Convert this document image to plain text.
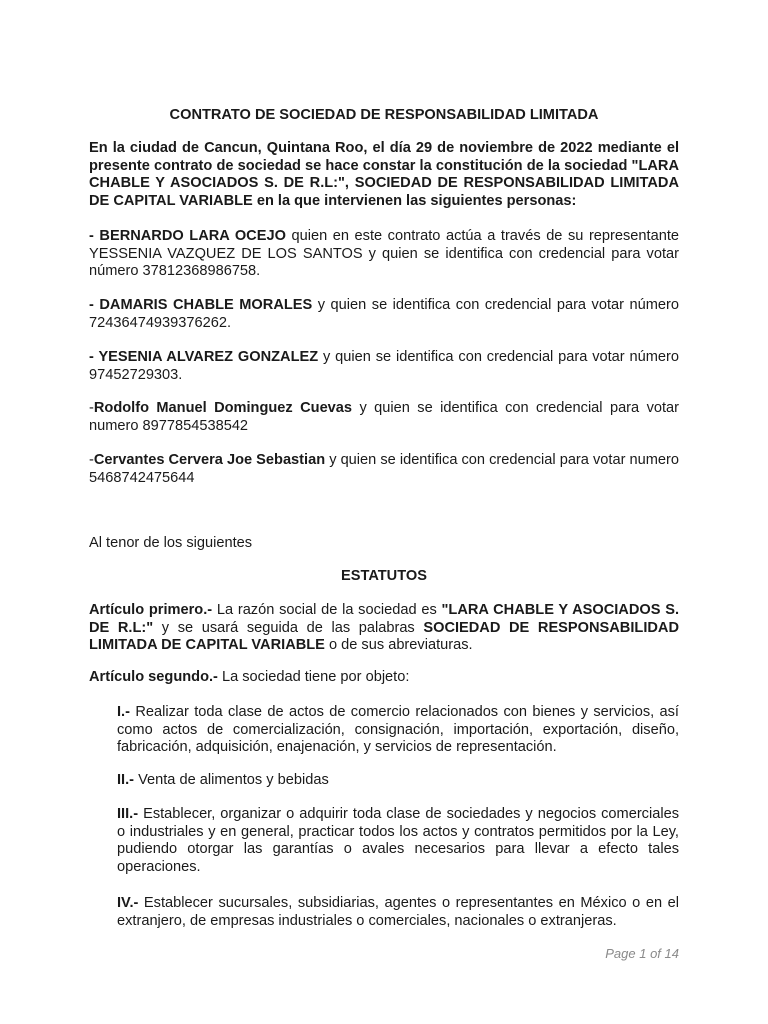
CONTRATO DE SOCIEDAD DE RESPONSABILIDAD LIMITADA

En la ciudad de Cancun, Quintana Roo, el día 29 de noviembre de 2022 mediante el presente contrato de sociedad se hace constar la constitución de la sociedad "LARA CHABLE Y ASOCIADOS S. DE R.L:", SOCIEDAD DE RESPONSABILIDAD LIMITADA DE CAPITAL VARIABLE en la que intervienen las siguientes personas:

- BERNARDO LARA OCEJO quien en este contrato actúa a través de su representante YESSENIA VAZQUEZ DE LOS SANTOS y quien se identifica con credencial para votar número 37812368986758.

- DAMARIS CHABLE MORALES y quien se identifica con credencial para votar número 72436474939376262.

- YESENIA ALVAREZ GONZALEZ y quien se identifica con credencial para votar número 97452729303.

-Rodolfo Manuel Dominguez Cuevas y quien se identifica con credencial para votar numero 8977854538542

-Cervantes Cervera Joe Sebastian y quien se identifica con credencial para votar numero 5468742475644

Al tenor de los siguientes

ESTATUTOS

Artículo primero.- La razón social de la sociedad es "LARA CHABLE Y ASOCIADOS S. DE R.L:" y se usará seguida de las palabras SOCIEDAD DE RESPONSABILIDAD LIMITADA DE CAPITAL VARIABLE o de sus abreviaturas.

Artículo segundo.- La sociedad tiene por objeto:

I.- Realizar toda clase de actos de comercio relacionados con bienes y servicios, así como actos de comercialización, consignación, importación, exportación, diseño, fabricación, adquisición, enajenación, y servicios de representación.

II.- Venta de alimentos y bebidas

III.- Establecer, organizar o adquirir toda clase de sociedades y negocios comerciales o industriales y en general, practicar todos los actos y contratos permitidos por la Ley, pudiendo otorgar las garantías o avales necesarios para llevar a efecto tales operaciones.

IV.- Establecer sucursales, subsidiarias, agentes o representantes en México o en el extranjero, de empresas industriales o comerciales, nacionales o extranjeras.

Page 1 of 14
